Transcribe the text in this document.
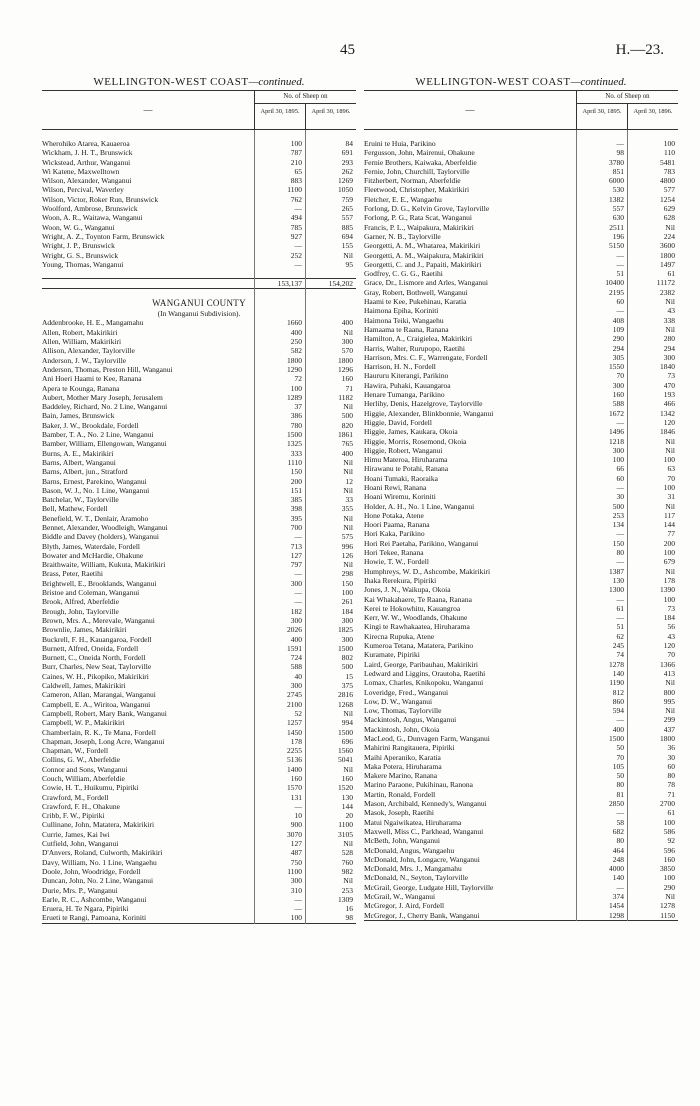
45	H.—23.
WELLINGTON-WEST COAST—continued.
—
No. of Sheep on
April 30, 1895.	April 30, 1896.
Wherohiko Atarea, Kauaeroa	100	84
Wickham, J. H. T., Brunswick	787	691
Wickstead, Arthur, Wanganui	210	293
Wi Katene, Maxwelltown	65	262
Wilson, Alexander, Wanganui	883	1269
Wilson, Percival, Waverley	1100	1050
Wilson, Victor, Roker Run, Brunswick	762	759
Woolford, Ambrose, Brunswick	—	265
Woon, A. R., Waitawa, Wanganui	494	557
Woon, W. G., Wanganui	785	885
Wright, A. Z., Toynton Farm, Brunswick	927	694
Wright, J. P., Brunswick	—	155
Wright, G. S., Brunswick	252	Nil
Young, Thomas, Wanganui	—	95
153,137	154,202
WANGANUI COUNTY
(In Wanganui Subdivision).
Addenbrooke, H. E., Mangamahu	1660	400
Allen, Robert, Makirikiri	400	Nil
Allen, William, Makirikiri	250	300
Allison, Alexander, Taylorville	582	570
Anderson, J. W., Taylorville	1800	1800
Anderson, Thomas, Preston Hill, Wanganui	1290	1296
Ani Hoeri Haami te Kee, Ranana	72	160
Apera te Kounga, Ranana	100	71
Aubert, Mother Mary Joseph, Jerusalem	1289	1182
Baddeley, Richard, No. 2 Line, Wanganui	37	Nil
Bain, James, Brunswick	386	500
Baker, J. W., Brookdale, Fordell	780	820
Bamber, T. A., No. 2 Line, Wanganui	1500	1861
Bamber, William, Ellengowan, Wanganui	1325	765
Burns, A. E., Makirikiri	333	400
Barns, Albert, Wanganui	1110	Nil
Barns, Albert, jun., Stratford	150	Nil
Barns, Ernest, Parekino, Wanganui	200	12
Bason, W. J., No. 1 Line, Wanganui	151	Nil
Batchelar, W., Taylorville	385	33
Bell, Mathew, Fordell	398	355
Benefield, W. T., Denlair, Aramoho	395	Nil
Bennet, Alexander, Woodleigh, Wanganui	700	Nil
Biddle and Davey (holders), Wanganui	—	575
Blyth, James, Waterdale, Fordell	713	996
Bowater and McHardie, Ohakune	127	126
Braithwaite, William, Kukuta, Makirikiri	797	Nil
Brass, Peter, Raetihi	—	298
Brightwell, E., Brooklands, Wanganui	300	150
Bristoe and Coleman, Wanganui	—	100
Brook, Alfred, Aberfeldie	—	261
Brough, John, Taylorville	182	184
Brown, Mrs. A., Merevale, Wanganui	300	300
Brownlie, James, Makirikiri	2026	1825
Buckrell, F. H., Kauangaroa, Fordell	400	300
Burnett, Alfred, Oneida, Fordell	1591	1500
Burnett, C., Oneida North, Fordell	724	802
Burr, Charles, New Seat, Taylorville	588	500
Caines, W. H., Pikopiko, Makirikiri	40	15
Caldwell, James, Makirikiri	300	375
Cameron, Allan, Marangai, Wanganui	2745	2816
Campbell, E. A., Wiritoa, Wanganui	2100	1268
Campbell, Robert, Mary Bank, Wanganui	52	Nil
Campbell, W. P., Makirikiri	1257	994
Chamberlain, R. K., Te Mana, Fordell	1450	1500
Chapman, Joseph, Long Acre, Wanganui	178	696
Chapman, W., Fordell	2255	1560
Collins, G. W., Aberfeldie	5136	5041
Connor and Sons, Wanganui	1400	Nil
Couch, William, Aberfeldie	160	160
Cowie, H. T., Huikumu, Pipiriki	1570	1520
Crawford, M., Fordell	131	130
Crawford, F. H., Ohakune	—	144
Cribb, F. W., Pipiriki	10	20
Cullinane, John, Matatera, Makirikiri	900	1100
Currie, James, Kai Iwi	3070	3105
Cutfield, John, Wanganui	127	Nil
D'Anvers, Roland, Culworth, Makirikiri	487	528
Davy, William, No. 1 Line, Wangaehu	750	760
Doole, John, Woodridge, Fordell	1100	982
Duncan, John, No. 2 Line, Wanganui	300	Nil
Durie, Mrs. P., Wanganui	310	253
Earle, R. C., Ashcombe, Wanganui	—	1309
Eruera, H. Te Ngara, Pipiriki	—	16
Erueti te Rangi, Pamoana, Koriniti	100	98
WELLINGTON-WEST COAST—continued.
—
No. of Sheep on
April 30, 1895.	April 30, 1896.
Eruini te Huia, Parikino	—	100
Fergusson, John, Mairenui, Ohakune	98	110
Fernie Brothers, Kaiwaka, Aberfeldie	3780	5481
Fernie, John, Churchill, Taylorville	851	783
Fitzherbert, Norman, Aberfeldie	6000	4800
Fleetwood, Christopher, Makirikiri	530	577
Fletcher, E. E., Wangaehu	1382	1254
Forlong, D. G., Kelvin Grove, Taylorville	557	629
Forlong, P. G., Rata Scat, Wanganui	630	628
Francis, P. L., Waipakura, Makirikiri	2511	Nil
Garner, N. B., Taylorville	196	224
Georgetti, A. M., Whatarea, Makirikiri	5150	3600
Georgetti, A. M., Waipakura, Makirikiri	—	1800
Georgetti, C. and J., Papaiti, Makirikiri	—	1497
Godfrey, C. G. G., Raetihi	51	61
Grace, Dr., Lismore and Arles, Wanganui	10400	11172
Gray, Robert, Bothwell, Wanganui	2195	2382
Haami te Kee, Pukehinau, Karatia	60	Nil
Haimona Epiha, Koriniti	—	43
Haimona Teiki, Wangaehu	408	338
Hamaama te Raana, Ranana	109	Nil
Hamilton, A., Craigielea, Makirikiri	290	280
Harris, Walter, Rurupopo, Raetihi	294	294
Harrison, Mrs. C. F., Warrengate, Fordell	305	300
Harrison, H. N., Fordell	1550	1840
Haururu Kiterangi, Parikino	70	73
Hawira, Puhaki, Kauangaroa	300	470
Henare Tumanga, Parikino	160	193
Herlihy, Denis, Hazelgrove, Taylorville	588	466
Higgie, Alexander, Blinkbonnie, Wanganui	1672	1342
Higgie, David, Fordell	—	120
Higgie, James, Kaukara, Okoia	1496	1846
Higgie, Morris, Rosemond, Okoia	1218	Nil
Higgie, Robert, Wanganui	300	Nil
Himu Materoa, Hiruharama	100	100
Hirawanu te Potahi, Ranana	66	63
Hoani Tumaki, Raoraika	60	70
Hoani Rewi, Ranana	—	100
Hoani Wiremu, Koriniti	30	31
Holder, A. H., No. 1 Line, Wanganui	500	Nil
Hone Potaka, Atene	253	117
Hoori Paama, Ranana	134	144
Hori Kaka, Parikino	—	77
Hori Rei Paetaha, Parikino, Wanganui	150	200
Hori Tekee, Ranana	80	100
Howie, T. W., Fordell	—	679
Humphreys, W. D., Ashcombe, Makirikiri	1387	Nil
Ihaka Rerekura, Pipiriki	130	178
Jones, J. N., Waikupa, Okoia	1300	1390
Kai Whakahaere, Te Raana, Ranana	—	100
Kerei te Hokowhitu, Kauangroa	61	73
Kerr, W. W., Woodlands, Ohakune	—	184
Kingi te Rawhakaatea, Hiruharama	51	56
Kirecna Rupuka, Atene	62	43
Kumeroa Tetana, Matatera, Parikino	245	120
Kuramate, Pipiriki	74	70
Laird, George, Paribauhau, Makirikiri	1278	1366
Ledward and Liggins, Orautoha, Raetihi	140	413
Lomax, Charles, Knikopoku, Wanganui	1190	Nil
Loveridge, Fred., Wanganui	812	800
Low, D. W., Wanganui	860	995
Low, Thomas, Taylorville	594	Nil
Mackintosh, Angus, Wanganui	—	299
Mackintosh, John, Okoia	400	437
MacLeod, G., Dunvagen Farm, Wanganui	1500	1800
Mahirini Rangitauera, Pipiriki	50	36
Maihi Aperaniko, Karatia	70	30
Maka Potera, Hiruharama	105	60
Makere Marino, Ranana	50	80
Marino Paraone, Pukihinau, Ranona	80	78
Martin, Ronald, Fordell	81	71
Mason, Archibald, Kennedy's, Wanganui	2850	2700
Masok, Joseph, Raetihi	—	61
Matui Ngaiwikatea, Hiruharama	58	100
Maxwell, Miss C., Parkhead, Wanganui	682	586
McBeth, John, Wanganui	80	92
McDonald, Angus, Wangaehu	464	596
McDonald, John, Longacre, Wanganui	248	160
McDonald, Mrs. J., Mangamahu	4000	3850
McDonald, N., Seyton, Taylorville	140	100
McGrail, George, Ludgate Hill, Taylorville	—	290
McGrail, W., Wanganui	374	Nil
McGregor, J. Aird, Fordell	1454	1278
McGregor, J., Cherry Bank, Wanganui	1298	1150
